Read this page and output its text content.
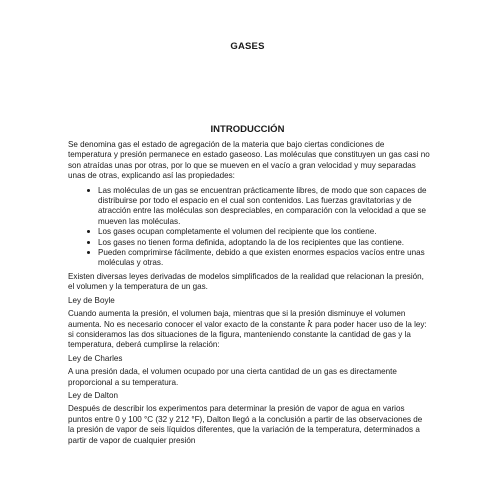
GASES
INTRODUCCIÓN

Se denomina gas el estado de agregación de la materia que bajo ciertas condiciones de temperatura y presión permanece en estado gaseoso. Las moléculas que constituyen un gas casi no son atraídas unas por otras, por lo que se mueven en el vacío a gran velocidad y muy separadas unas de otras, explicando así las propiedades:

Las moléculas de un gas se encuentran prácticamente libres, de modo que son capaces de distribuirse por todo el espacio en el cual son contenidos. Las fuerzas gravitatorias y de atracción entre las moléculas son despreciables, en comparación con la velocidad a que se mueven las moléculas.
Los gases ocupan completamente el volumen del recipiente que los contiene.
Los gases no tienen forma definida, adoptando la de los recipientes que las contiene.
Pueden comprimirse fácilmente, debido a que existen enormes espacios vacíos entre unas moléculas y otras.

Existen diversas leyes derivadas de modelos simplificados de la realidad que relacionan la presión, el volumen y la temperatura de un gas.

Ley de Boyle

Cuando aumenta la presión, el volumen baja, mientras que si la presión disminuye el volumen aumenta. No es necesario conocer el valor exacto de la constante k para poder hacer uso de la ley: si consideramos las dos situaciones de la figura, manteniendo constante la cantidad de gas y la temperatura, deberá cumplirse la relación:

Ley de Charles

A una presión dada, el volumen ocupado por una cierta cantidad de un gas es directamente proporcional a su temperatura.

Ley de Dalton

Después de describir los experimentos para determinar la presión de vapor de agua en varios puntos entre 0 y 100 °C (32 y 212 °F), Dalton llegó a la conclusión a partir de las observaciones de la presión de vapor de seis líquidos diferentes, que la variación de la temperatura, determinados a partir de vapor de cualquier presión
